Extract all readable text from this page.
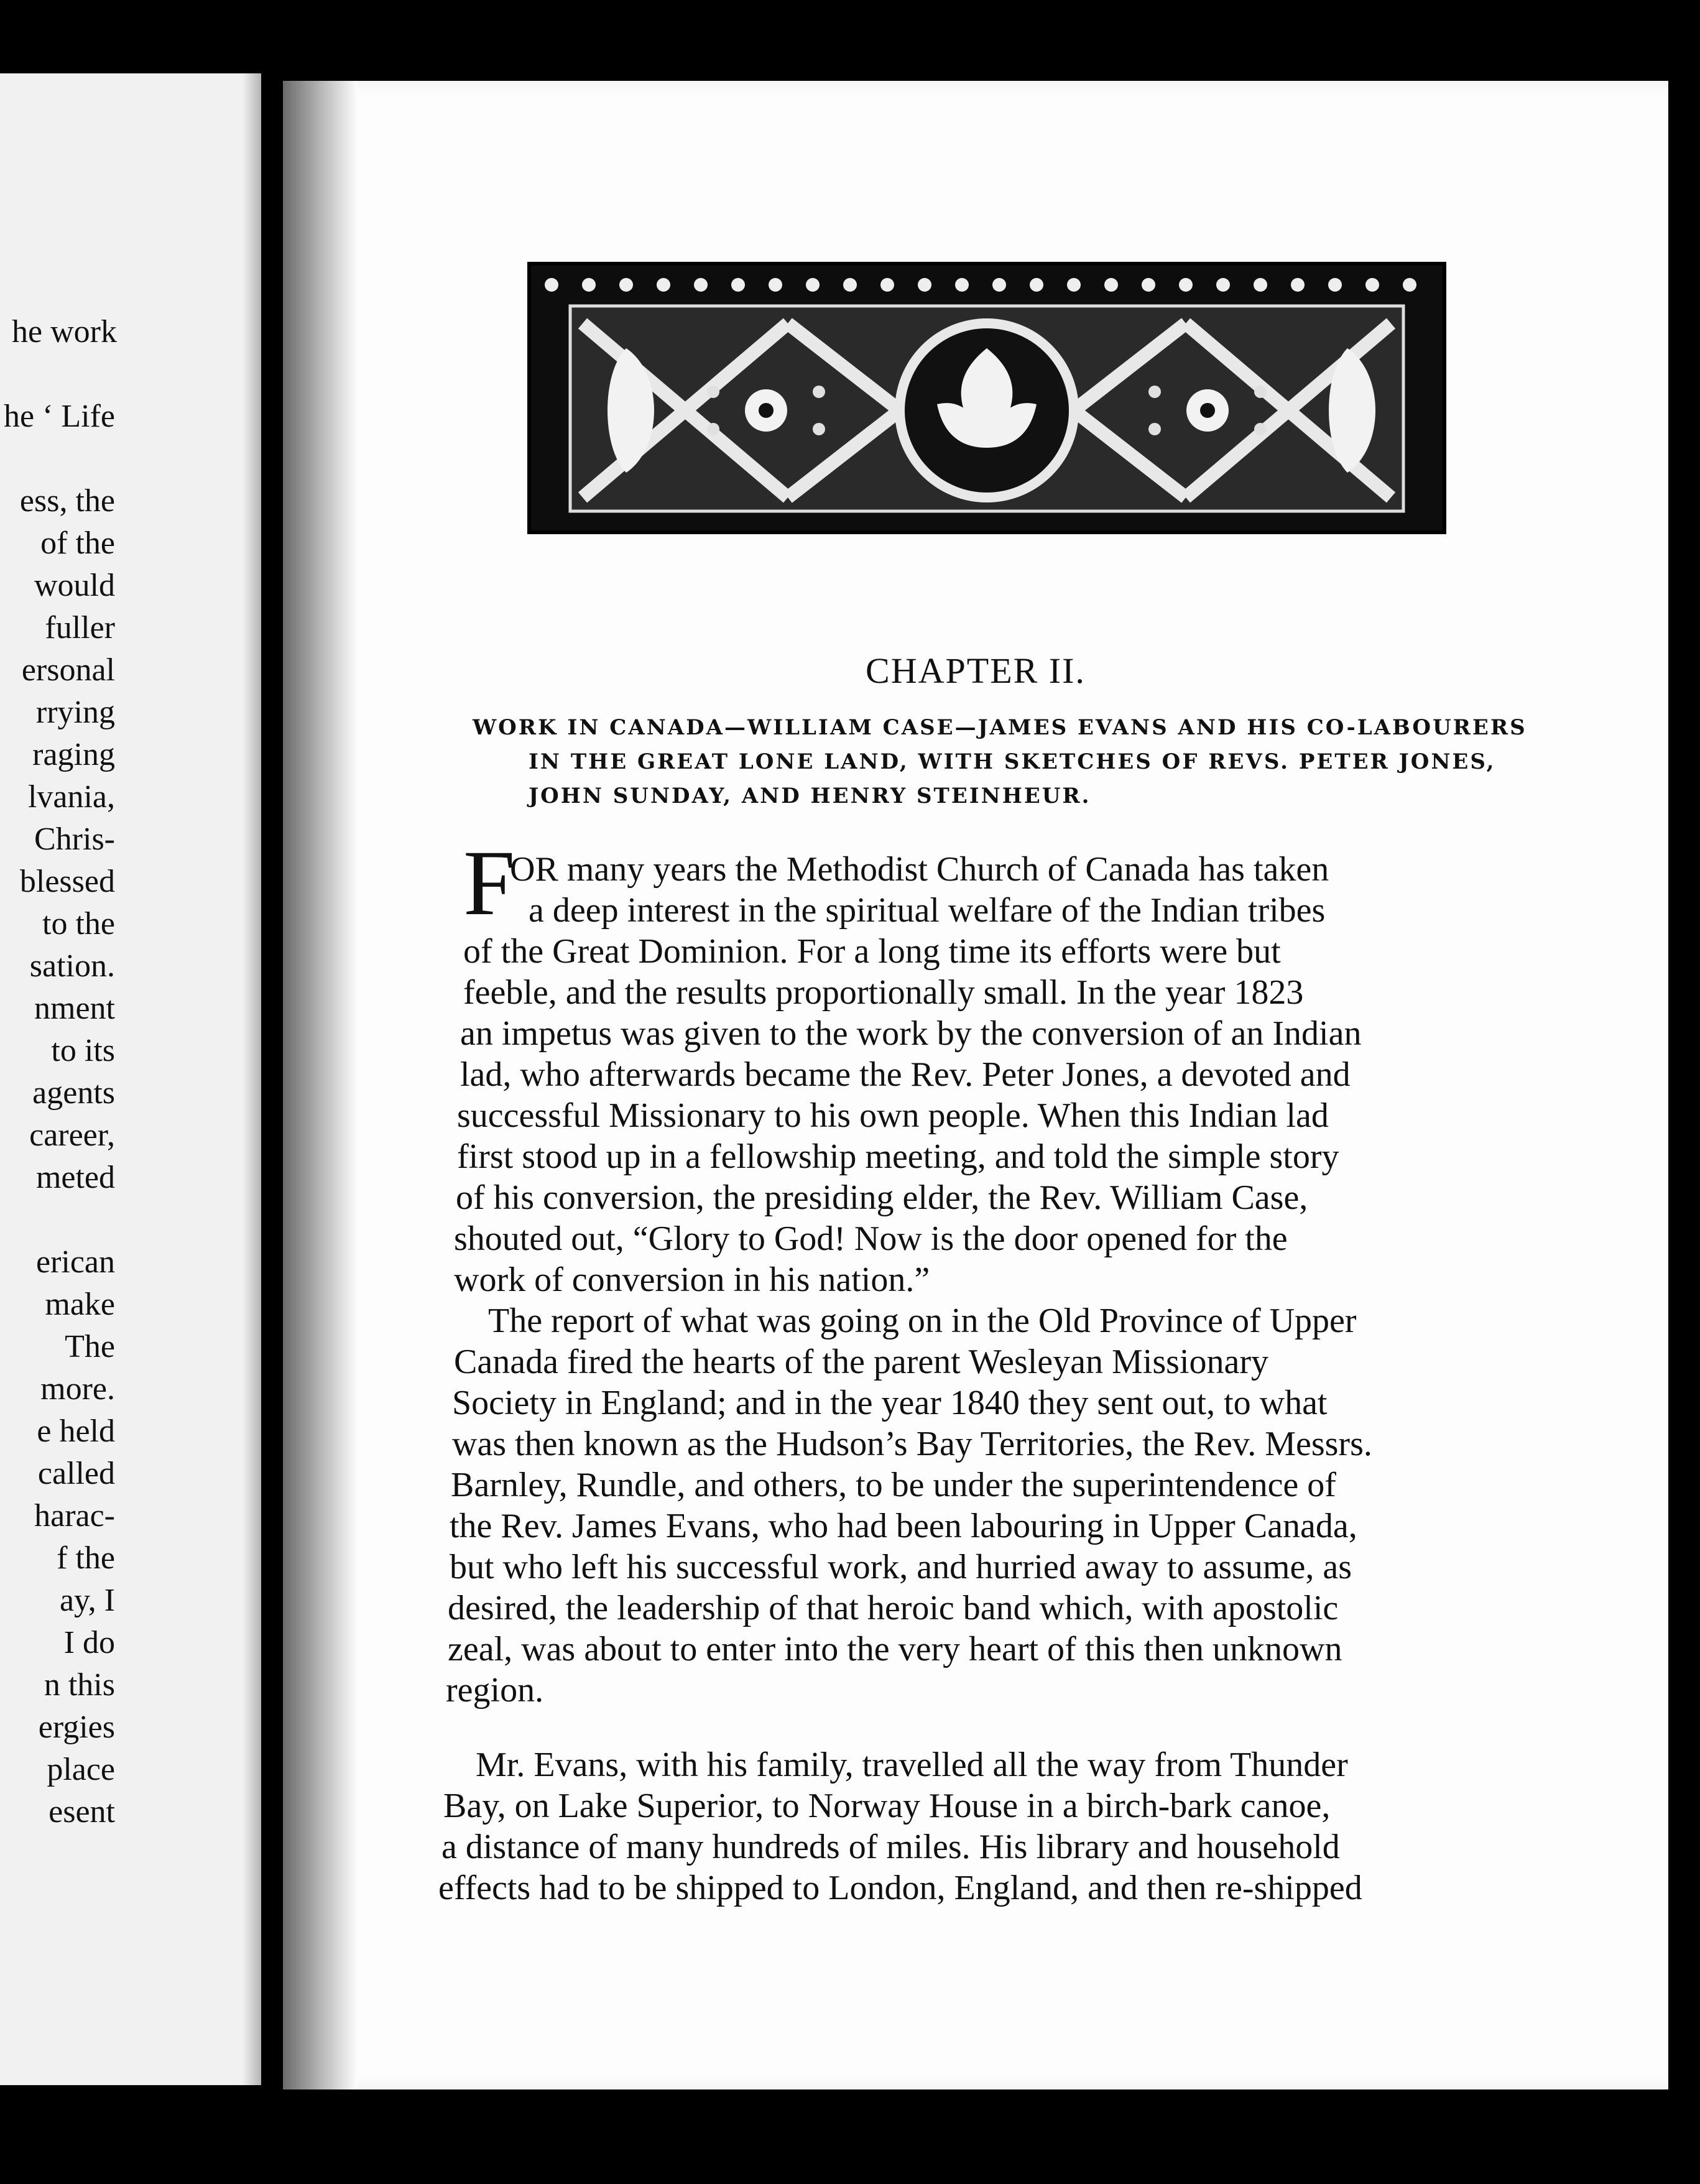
he work
he ‘ Life
ess, the
of the
would
fuller
ersonal
rrying
raging
lvania,
Chris-
blessed
to the
sation.
nment
to its
agents
career,
meted
erican
make
The
more.
e held
called
harac-
f the
ay, I
I do
n this
ergies
place
esent
CHAPTER II.
WORK IN CANADA—WILLIAM CASE—JAMES EVANS AND HIS CO-LABOURERS
IN THE GREAT LONE LAND, WITH SKETCHES OF REVS. PETER JONES,
JOHN SUNDAY, AND HENRY STEINHEUR.
F
OR many years the Methodist Church of Canada has taken
a deep interest in the spiritual welfare of the Indian tribes
of the Great Dominion. For a long time its efforts were but
feeble, and the results proportionally small. In the year 1823
an impetus was given to the work by the conversion of an Indian
lad, who afterwards became the Rev. Peter Jones, a devoted and
successful Missionary to his own people. When this Indian lad
first stood up in a fellowship meeting, and told the simple story
of his conversion, the presiding elder, the Rev. William Case,
shouted out, “Glory to God! Now is the door opened for the
work of conversion in his nation.”
The report of what was going on in the Old Province of Upper
Canada fired the hearts of the parent Wesleyan Missionary
Society in England; and in the year 1840 they sent out, to what
was then known as the Hudson’s Bay Territories, the Rev. Messrs.
Barnley, Rundle, and others, to be under the superintendence of
the Rev. James Evans, who had been labouring in Upper Canada,
but who left his successful work, and hurried away to assume, as
desired, the leadership of that heroic band which, with apostolic
zeal, was about to enter into the very heart of this then unknown
region.
Mr. Evans, with his family, travelled all the way from Thunder
Bay, on Lake Superior, to Norway House in a birch-bark canoe,
a distance of many hundreds of miles. His library and household
effects had to be shipped to London, England, and then re-shipped
